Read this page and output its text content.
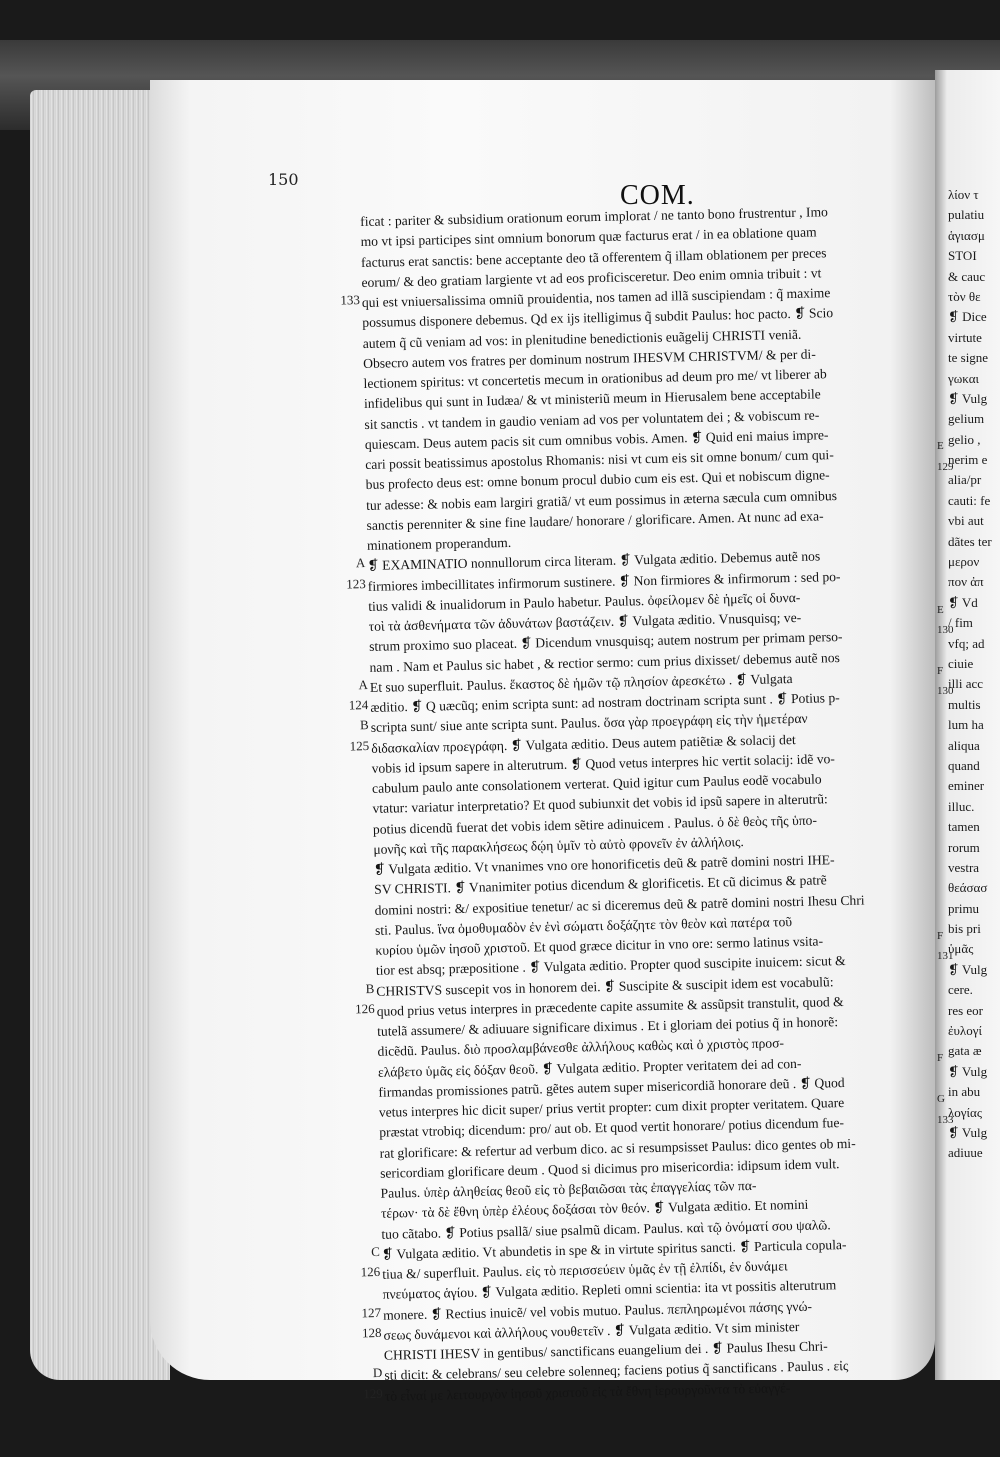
150
COM.
133
A
123
A
124
B
125
B
126
C
126
127
128
D
129
ficat : pariter & subsidium orationum eorum implorat / ne tanto bono frustrentur , Imo
mo vt ipsi participes sint omnium bonorum quæ facturus erat / in ea oblatione quam
facturus erat sanctis: bene acceptante deo tã offerentem q̃ illam oblationem per preces
eorum/ & deo gratiam largiente vt ad eos proficisceretur. Deo enim omnia tribuit : vt
qui est vniuersalissima omniũ prouidentia, nos tamen ad illã suscipiendam : q̃ maxime
possumus disponere debemus. Qd ex ijs itelligimus q̃ subdit Paulus: hoc pacto. ❡ Scio
autem q̃ cũ veniam ad vos: in plenitudine benedictionis euãgelij CHRISTI veniã.
Obsecro autem vos fratres per dominum nostrum IHESVM CHRISTVM/ & per di-
lectionem spiritus: vt concertetis mecum in orationibus ad deum pro me/ vt liberer ab
infidelibus qui sunt in Iudæa/ & vt ministeriũ meum in Hierusalem bene acceptabile
sit sanctis . vt tandem in gaudio veniam ad vos per voluntatem dei ; & vobiscum re-
quiescam. Deus autem pacis sit cum omnibus vobis. Amen. ❡ Quid eni maius impre-
cari possit beatissimus apostolus Rhomanis: nisi vt cum eis sit omne bonum/ cum qui-
bus profecto deus est: omne bonum procul dubio cum eis est. Qui et nobiscum digne-
tur adesse: & nobis eam largiri gratiã/ vt eum possimus in æterna sæcula cum omnibus
sanctis perenniter & sine fine laudare/ honorare / glorificare. Amen. At nunc ad exa-
minationem properandum.
❡ EXAMINATIO nonnullorum circa literam. ❡ Vulgata æditio. Debemus autẽ nos
firmiores imbecillitates infirmorum sustinere. ❡ Non firmiores & infirmorum : sed po-
tius validi & inualidorum in Paulo habetur. Paulus. ὀφείλομεν δὲ ἡμεῖς οἱ δυνα-
τοὶ τὰ ἀσθενήματα τῶν ἀδυνάτων βαστάζειν. ❡ Vulgata æditio. Vnusquisq; ve-
strum proximo suo placeat. ❡ Dicendum vnusquisq; autem nostrum per primam perso-
nam . Nam et Paulus sic habet , & rectior sermo: cum prius dixisset/ debemus autẽ nos
Et suo superfluit. Paulus. ἕκαστος δὲ ἡμῶν τῷ πλησίον ἀρεσκέτω . ❡ Vulgata
æditio. ❡ Q uæcũq; enim scripta sunt: ad nostram doctrinam scripta sunt . ❡ Potius p-
scripta sunt/ siue ante scripta sunt. Paulus. ὅσα γὰρ προεγράφη εἰς τὴν ἡμετέραν
διδασκαλίαν προεγράφη. ❡ Vulgata æditio. Deus autem patiẽtiæ & solacij det
vobis id ipsum sapere in alterutrum. ❡ Quod vetus interpres hic vertit solacij: idẽ vo-
cabulum paulo ante consolationem verterat. Quid igitur cum Paulus eodẽ vocabulo
vtatur: variatur interpretatio? Et quod subiunxit det vobis id ipsũ sapere in alterutrũ:
potius dicendũ fuerat det vobis idem sẽtire adinuicem . Paulus. ὁ δὲ θεὸς τῆς ὑπο-
μονῆς καὶ τῆς παρακλήσεως δῴη ὑμῖν τὸ αὐτὸ φρονεῖν ἐν ἀλλήλοις.
❡ Vulgata æditio. Vt vnanimes vno ore honorificetis deũ & patrẽ domini nostri IHE-
SV CHRISTI. ❡ Vnanimiter potius dicendum & glorificetis. Et cũ dicimus & patrẽ
domini nostri: &/ expositiue tenetur/ ac si diceremus deũ & patrẽ domini nostri Ihesu Chri
sti. Paulus. ἵνα ὁμοθυμαδὸν ἐν ἑνὶ σώματι δοξάζητε τὸν θεὸν καὶ πατέρα τοῦ
κυρίου ὑμῶν ἰησοῦ χριστοῦ. Et quod græce dicitur in vno ore: sermo latinus vsita-
tior est absq; præpositione . ❡ Vulgata æditio. Propter quod suscipite inuicem: sicut &
CHRISTVS suscepit vos in honorem dei. ❡ Suscipite & suscipit idem est vocabulũ:
quod prius vetus interpres in præcedente capite assumite & assũpsit transtulit, quod &
tutelã assumere/ & adiuuare significare diximus . Et i gloriam dei potius q̃ in honorẽ:
dicẽdũ. Paulus. διὸ προσλαμβάνεσθε ἀλλήλους καθὼς καὶ ὁ χριστὸς προσ-
ελάβετο ὑμᾶς εἰς δόξαν θεοῦ. ❡ Vulgata æditio. Propter veritatem dei ad con-
firmandas promissiones patrũ. gẽtes autem super misericordiã honorare deũ . ❡ Quod
vetus interpres hic dicit super/ prius vertit propter: cum dixit propter veritatem. Quare
præstat vtrobiq; dicendum: pro/ aut ob. Et quod vertit honorare/ potius dicendum fue-
rat glorificare: & refertur ad verbum dico. ac si resumpsisset Paulus: dico gentes ob mi-
sericordiam glorificare deum . Quod si dicimus pro misericordia: idipsum idem vult.
Paulus. ὑπὲρ ἀληθείας θεοῦ εἰς τὸ βεβαιῶσαι τὰς ἐπαγγελίας τῶν πα-
τέρων· τὰ δὲ ἔθνη ὑπὲρ ἐλέους δοξάσαι τὸν θεόν. ❡ Vulgata æditio. Et nomini
tuo cãtabo. ❡ Potius psallã/ siue psalmũ dicam. Paulus. καὶ τῷ ὀνόματί σου ψαλῶ.
❡ Vulgata æditio. Vt abundetis in spe & in virtute spiritus sancti. ❡ Particula copula-
tiua &/ superfluit. Paulus. εἰς τὸ περισσεύειν ὑμᾶς ἐν τῇ ἐλπίδι, ἐν δυνάμει
πνεύματος ἁγίου. ❡ Vulgata æditio. Repleti omni scientia: ita vt possitis alterutrum
monere. ❡ Rectius inuicẽ/ vel vobis mutuo. Paulus. πεπληρωμένοι πάσης γνώ-
σεως δυνάμενοι καὶ ἀλλήλους νουθετεῖν . ❡ Vulgata æditio. Vt sim minister
CHRISTI IHESV in gentibus/ sanctificans euangelium dei . ❡ Paulus Ihesu Chri-
sti dicit: & celebrans/ seu celebre solenneq; faciens potius q̃ sanctificans . Paulus . εἰς
τὸ εἶναί με λειτουργὸν ἰησοῦ χριστοῦ εἰς τὰ ἔθνη ἱερουργοῦντα τὸ εὐαγγέ-
E
129
E
130
F
130
F
131
F
G
133
λίον τ
pulatiu
ἁγιασμ
STOI
& cauc
τὸν θε
❡ Dice
virtute
te signe
γωκαι
❡ Vulg
gelium
gelio ,
nerim e
alia/pr
cauti: fe
vbi aut
dãtes ter
μερον
πον ἀπ
❡ Vd
/ fim
vfq; ad
ciuie
illi acc
multis
lum ha
aliqua
quand
eminer
illuc.
tamen
rorum
vestra
θεάσασ
primu
bis pri
ὑμᾶς
❡ Vulg
cere.
res eor
ἐυλογί
gata æ
❡ Vulg
in abu
λογίας
❡ Vulg
adiuue
